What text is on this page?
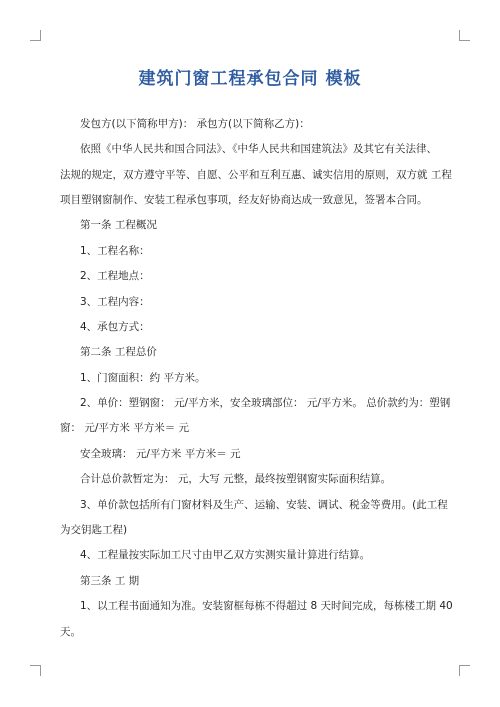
建筑门窗工程承包合同 模板
发包方(以下简称甲方)： 承包方(以下简称乙方)：
依照《中华人民共和国合同法》、《中华人民共和国建筑法》及其它有关法律、
法规的规定，双方遵守平等、自愿、公平和互利互惠、诚实信用的原则，双方就 工程
项目塑钢窗制作、安装工程承包事项，经友好协商达成一致意见，签署本合同。
第一条 工程概况
1、工程名称：
2、工程地点：
3、工程内容：
4、承包方式：
第二条 工程总价
1、门窗面积：约 平方米。
2、单价：塑钢窗： 元/平方米，安全玻璃部位： 元/平方米。 总价款约为：塑钢
窗： 元/平方米 平方米＝ 元
安全玻璃： 元/平方米 平方米＝ 元
合计总价款暂定为： 元，大写 元整，最终按塑钢窗实际面积结算。
3、单价款包括所有门窗材料及生产、运输、安装、调试、税金等费用。(此工程
为交钥匙工程)
4、工程量按实际加工尺寸由甲乙双方实测实量计算进行结算。
第三条 工 期
1、以工程书面通知为准。安装窗框每栋不得超过 8 天时间完成，每栋楼工期 40
天。
